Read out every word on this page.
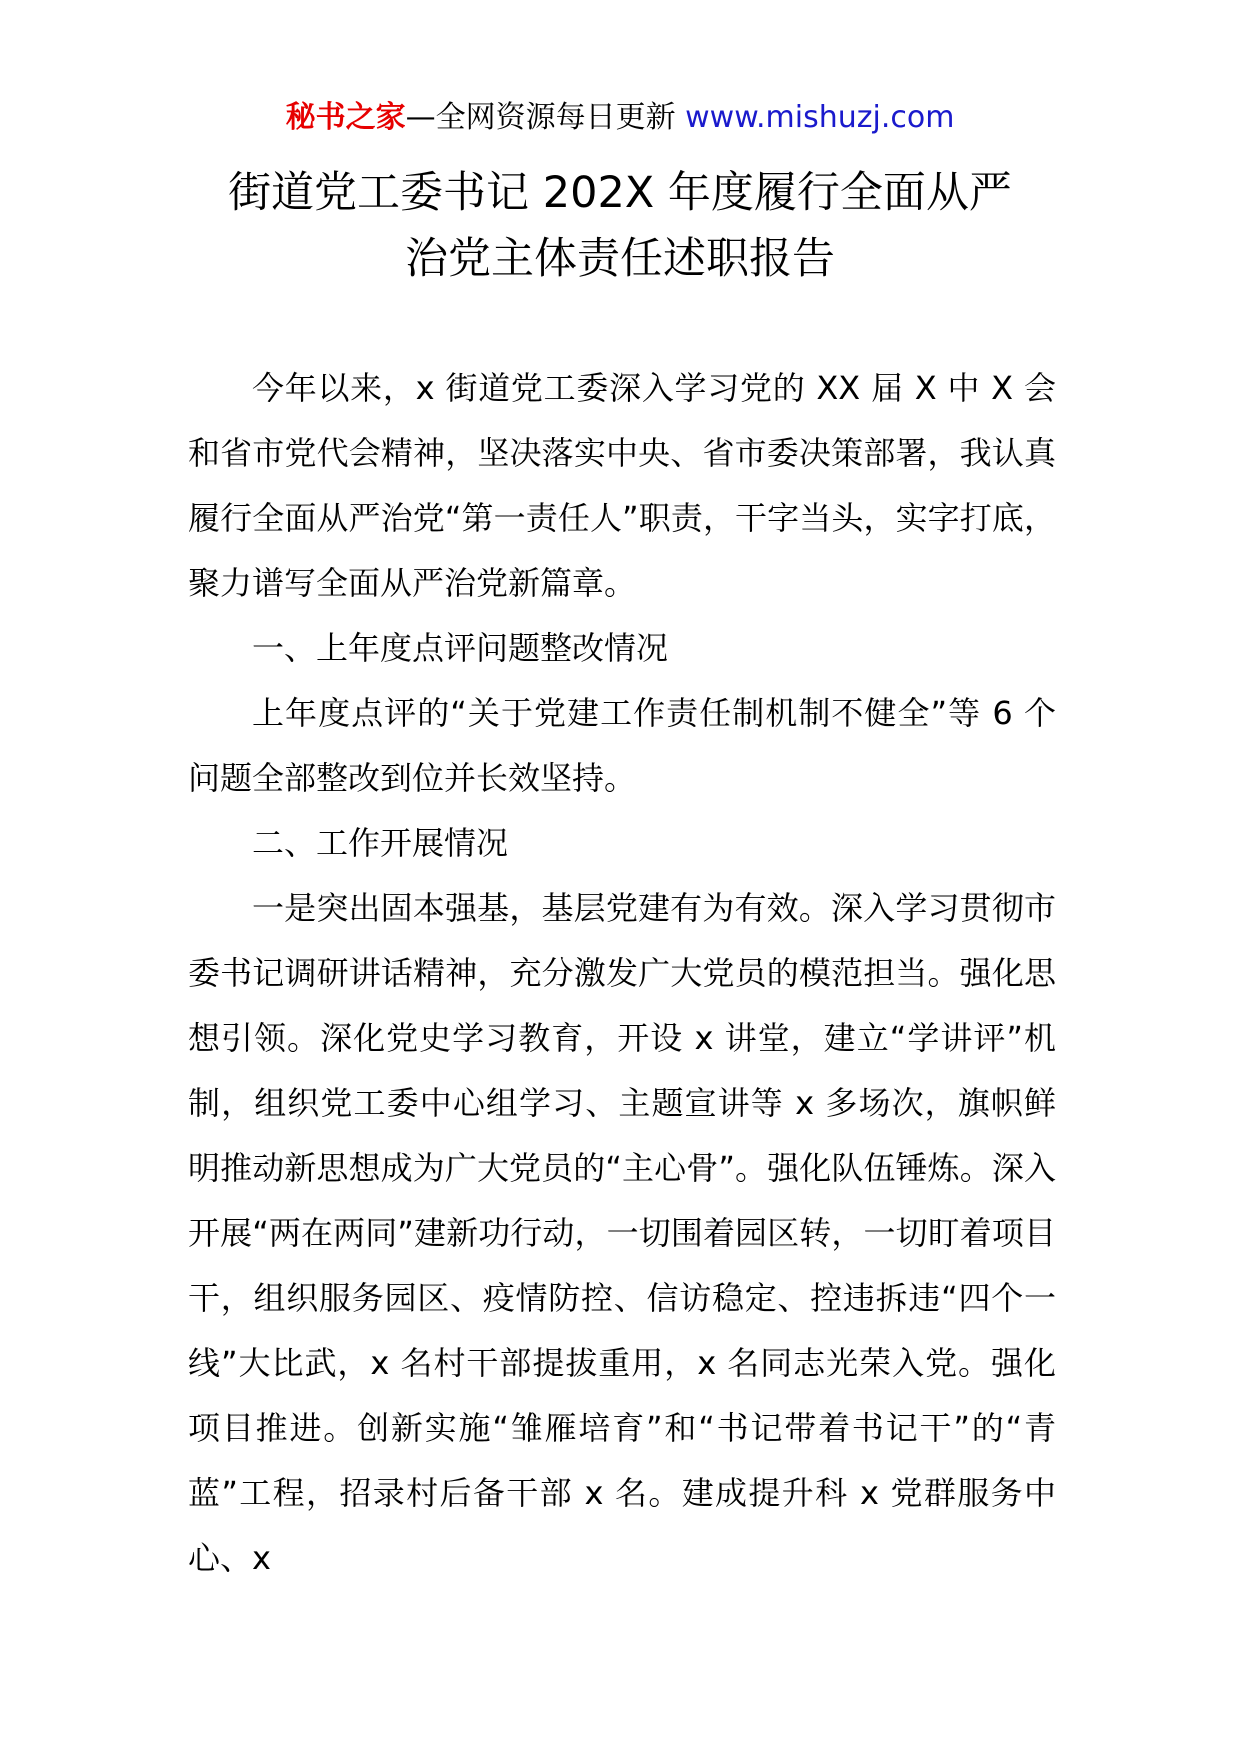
秘书之家—全网资源每日更新 www.mishuzj.com
街道党工委书记 202X 年度履行全面从严
治党主体责任述职报告

今年以来，x 街道党工委深入学习党的 XX 届 X 中 X 会和省市党代会精神，坚决落实中央、省市委决策部署，我认真履行全面从严治党“第一责任人”职责，干字当头，实字打底，聚力谱写全面从严治党新篇章。

一、上年度点评问题整改情况

上年度点评的“关于党建工作责任制机制不健全”等 6 个问题全部整改到位并长效坚持。

二、工作开展情况

一是突出固本强基，基层党建有为有效。深入学习贯彻市委书记调研讲话精神，充分激发广大党员的模范担当。强化思想引领。深化党史学习教育，开设 x 讲堂，建立“学讲评”机制，组织党工委中心组学习、主题宣讲等 x 多场次，旗帜鲜明推动新思想成为广大党员的“主心骨”。强化队伍锤炼。深入开展“两在两同”建新功行动，一切围着园区转，一切盯着项目干，组织服务园区、疫情防控、信访稳定、控违拆违“四个一线”大比武，x 名村干部提拔重用，x 名同志光荣入党。强化项目推进。创新实施“雏雁培育”和“书记带着书记干”的“青蓝”工程，招录村后备干部 x 名。建成提升科 x 党群服务中心、x
